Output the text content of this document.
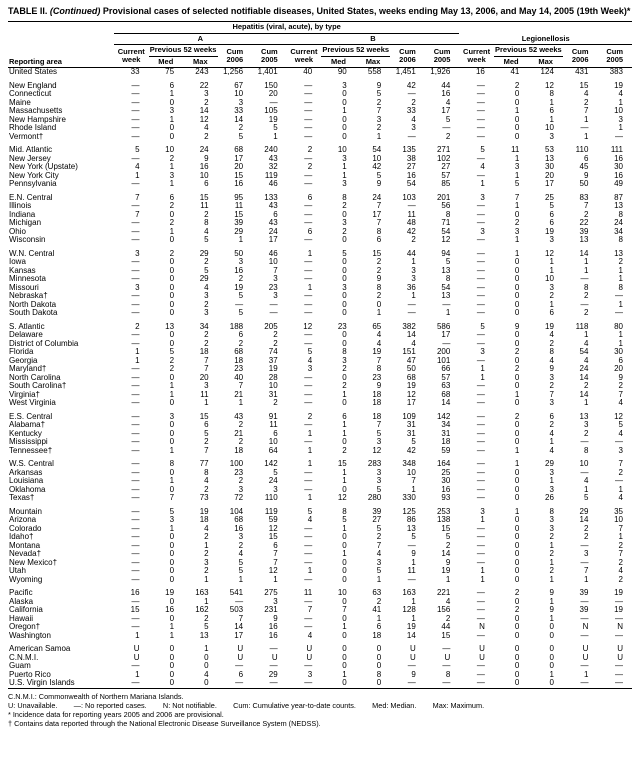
TABLE II. (Continued) Provisional cases of selected notifiable diseases, United States, weeks ending May 13, 2006, and May 14, 2005 (19th Week)*
Reporting area	Hepatitis (viral, acute), by type														
	A					B					Legionellosis				
	Current week	Previous 52 weeks		Cum 2006	Cum 2005	Current week	Previous 52 weeks		Cum 2006	Cum 2005	Current week	Previous 52 weeks		Cum 2006	Cum 2005
		Med	Max				Med	Max				Med	Max		
United States	33	75	243	1,256	1,401	40	90	558	1,451	1,926	16	41	124	431	383

New England	—	6	22	67	150	—	3	9	42	44	—	2	12	15	19
Connecticut	—	1	3	10	20	—	0	5	—	16	—	0	8	4	4
Maine	—	0	2	3	—	—	0	2	2	4	—	0	1	2	1
Massachusetts	—	3	14	33	105	—	1	7	33	17	—	1	6	7	10
New Hampshire	—	1	12	14	19	—	0	3	4	5	—	0	1	1	3
Rhode Island	—	0	4	2	5	—	0	2	3	—	—	0	10	—	1
Vermont†	—	0	2	5	1	—	0	1	—	2	—	0	3	1	—

Mid. Atlantic	5	10	24	68	240	2	10	54	135	271	5	11	53	110	111
New Jersey	—	2	9	17	43	—	3	10	38	102	—	1	13	6	16
New York (Upstate)	4	1	16	20	32	2	1	42	27	27	4	3	30	45	30
New York City	1	3	10	15	119	—	1	5	16	57	—	1	20	9	16
Pennsylvania	—	1	6	16	46	—	3	9	54	85	1	5	17	50	49

E.N. Central	7	6	15	95	133	6	8	24	103	201	3	7	25	83	87
Illinois	—	2	11	11	43	—	2	7	—	56	—	1	5	7	13
Indiana	7	0	2	15	6	—	0	17	11	8	—	0	6	2	8
Michigan	—	2	8	39	43	—	3	7	48	71	—	2	6	22	24
Ohio	—	1	4	29	24	6	2	8	42	54	3	3	19	39	34
Wisconsin	—	0	5	1	17	—	0	6	2	12	—	1	3	13	8

W.N. Central	3	2	29	50	46	1	5	15	44	94	—	1	12	14	13
Iowa	—	0	2	3	10	—	0	2	1	5	—	0	1	1	2
Kansas	—	0	5	16	7	—	0	2	3	13	—	0	1	1	1
Minnesota	—	0	29	2	3	—	0	9	3	8	—	0	10	—	1
Missouri	3	0	4	19	23	1	3	8	36	54	—	0	3	8	8
Nebraska†	—	0	3	5	3	—	0	2	1	13	—	0	2	2	—
North Dakota	—	0	2	—	—	—	0	0	—	—	—	0	1	—	1
South Dakota	—	0	3	5	—	—	0	1	—	1	—	0	6	2	—

S. Atlantic	2	13	34	188	205	12	23	65	382	586	5	9	19	118	80
Delaware	—	0	2	6	2	—	0	4	14	17	—	0	4	1	1
District of Columbia	—	0	2	2	2	—	0	4	4	—	—	0	2	4	1
Florida	1	5	18	68	74	5	8	19	151	200	3	2	8	54	30
Georgia	1	2	7	18	37	4	3	7	47	101	—	0	4	4	6
Maryland†	—	2	7	23	19	3	2	8	50	66	1	2	9	24	20
North Carolina	—	0	20	40	28	—	0	23	68	57	1	0	3	14	9
South Carolina†	—	1	3	7	10	—	2	9	19	63	—	0	2	2	2
Virginia†	—	1	11	21	31	—	1	18	12	68	—	1	7	14	7
West Virginia	—	0	1	1	2	—	0	18	17	14	—	0	3	1	4

E.S. Central	—	3	15	43	91	2	6	18	109	142	—	2	6	13	12
Alabama†	—	0	6	2	11	—	1	7	31	34	—	0	2	3	5
Kentucky	—	0	5	21	6	1	1	5	31	31	—	0	4	2	4
Mississippi	—	0	2	2	10	—	0	3	5	18	—	0	1	—	—
Tennessee†	—	1	7	18	64	1	2	12	42	59	—	1	4	8	3

W.S. Central	—	8	77	100	142	1	15	283	348	164	—	1	29	10	7
Arkansas	—	0	8	23	5	—	1	3	10	25	—	0	3	—	2
Louisiana	—	1	4	2	24	—	1	3	7	30	—	0	1	4	—
Oklahoma	—	0	2	3	3	—	0	5	1	16	—	0	3	1	1
Texas†	—	7	73	72	110	1	12	280	330	93	—	0	26	5	4

Mountain	—	5	19	104	119	5	8	39	125	253	3	1	8	29	35
Arizona	—	3	18	68	59	4	5	27	86	138	1	0	3	14	10
Colorado	—	1	4	16	12	—	1	5	13	15	—	0	3	2	7
Idaho†	—	0	2	3	15	—	0	2	5	5	—	0	2	2	1
Montana	—	0	1	2	6	—	0	7	—	2	—	0	1	—	2
Nevada†	—	0	2	4	7	—	1	4	9	14	—	0	2	3	7
New Mexico†	—	0	3	5	7	—	0	3	1	9	—	0	1	—	2
Utah	—	0	2	5	12	1	0	5	11	19	1	0	2	7	4
Wyoming	—	0	1	1	1	—	0	1	—	1	1	0	1	1	2

Pacific	16	19	163	541	275	11	10	63	163	221	—	2	9	39	19
Alaska	—	0	1	—	3	—	0	2	1	4	—	0	1	—	—
California	15	16	162	503	231	7	7	41	128	156	—	2	9	39	19
Hawaii	—	0	2	7	9	—	0	1	1	2	—	0	1	—	—
Oregon†	—	1	5	14	16	—	1	6	19	44	N	0	0	N	N
Washington	1	1	13	17	16	4	0	18	14	15	—	0	0	—	—

American Samoa	U	0	1	U	—	U	0	0	U	—	U	0	0	U	U
C.N.M.I.	U	0	0	U	U	U	0	0	U	U	U	0	0	U	U
Guam	—	0	0	—	—	—	0	0	—	—	—	0	0	—	—
Puerto Rico	1	0	4	6	29	3	1	8	9	8	—	0	1	1	—
U.S. Virgin Islands	—	0	0	—	—	—	0	0	—	—	—	0	0	—	—
C.N.M.I.: Commonwealth of Northern Mariana Islands.
U: Unavailable.        —: No reported cases.        N: Not notifiable.        Cum: Cumulative year-to-date counts.        Med: Median.        Max: Maximum.
* Incidence data for reporting years 2005 and 2006 are provisional.
† Contains data reported through the National Electronic Disease Surveillance System (NEDSS).
